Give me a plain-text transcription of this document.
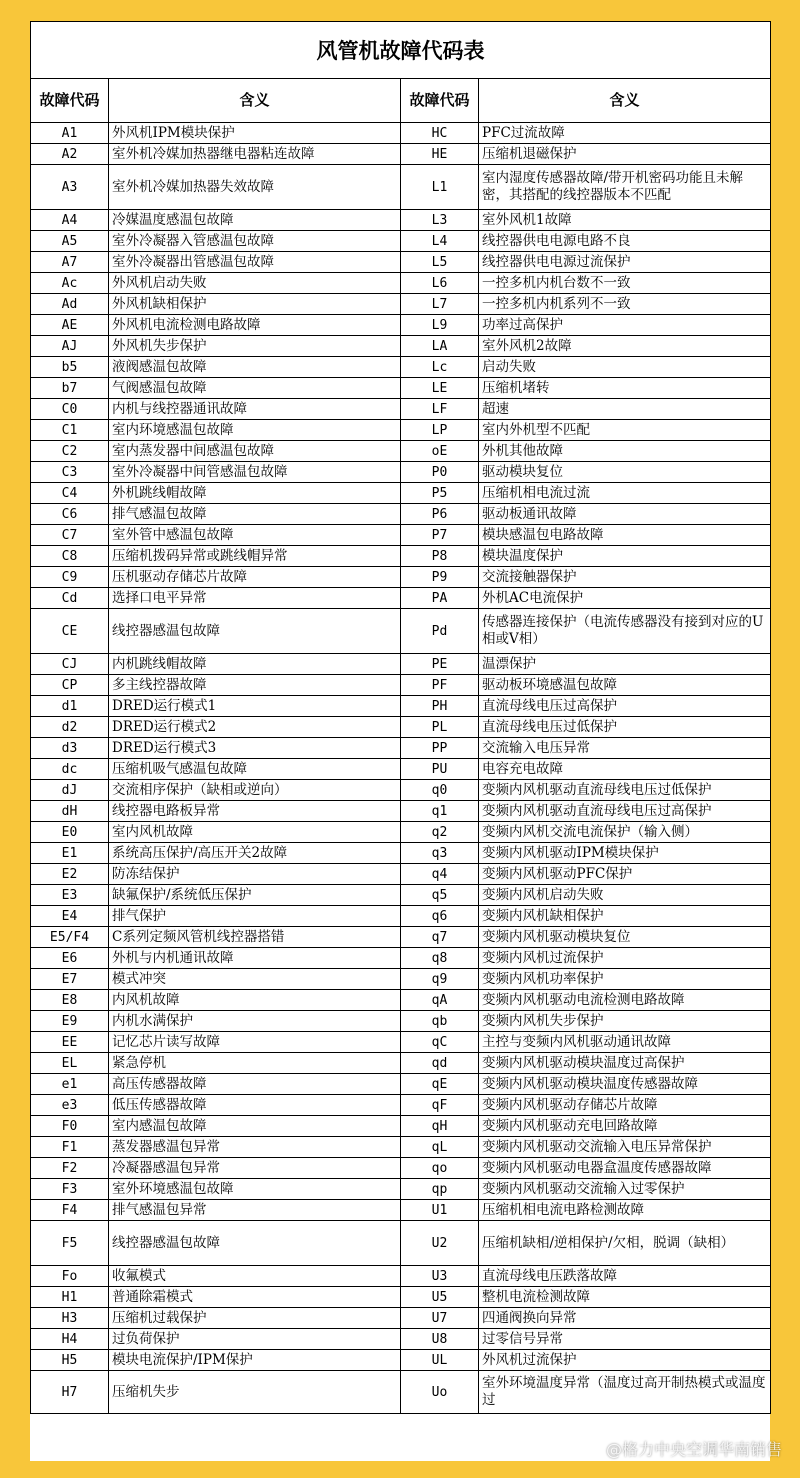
风管机故障代码表			
故障代码	含义	故障代码	含义
A1	外风机IPM模块保护	HC	PFC过流故障
A2	室外机冷媒加热器继电器粘连故障	HE	压缩机退磁保护
A3	室外机冷媒加热器失效故障	L1	室内湿度传感器故障/带开机密码功能且未解密，其搭配的线控器版本不匹配
A4	冷媒温度感温包故障	L3	室外风机1故障
A5	室外冷凝器入管感温包故障	L4	线控器供电电源电路不良
A7	室外冷凝器出管感温包故障	L5	线控器供电电源过流保护
Ac	外风机启动失败	L6	一控多机内机台数不一致
Ad	外风机缺相保护	L7	一控多机内机系列不一致
AE	外风机电流检测电路故障	L9	功率过高保护
AJ	外风机失步保护	LA	室外风机2故障
b5	液阀感温包故障	Lc	启动失败
b7	气阀感温包故障	LE	压缩机堵转
C0	内机与线控器通讯故障	LF	超速
C1	室内环境感温包故障	LP	室内外机型不匹配
C2	室内蒸发器中间感温包故障	oE	外机其他故障
C3	室外冷凝器中间管感温包故障	P0	驱动模块复位
C4	外机跳线帽故障	P5	压缩机相电流过流
C6	排气感温包故障	P6	驱动板通讯故障
C7	室外管中感温包故障	P7	模块感温包电路故障
C8	压缩机拨码异常或跳线帽异常	P8	模块温度保护
C9	压机驱动存储芯片故障	P9	交流接触器保护
Cd	选择口电平异常	PA	外机AC电流保护
CE	线控器感温包故障	Pd	传感器连接保护（电流传感器没有接到对应的U相或V相）
CJ	内机跳线帽故障	PE	温漂保护
CP	多主线控器故障	PF	驱动板环境感温包故障
d1	DRED运行模式1	PH	直流母线电压过高保护
d2	DRED运行模式2	PL	直流母线电压过低保护
d3	DRED运行模式3	PP	交流输入电压异常
dc	压缩机吸气感温包故障	PU	电容充电故障
dJ	交流相序保护（缺相或逆向）	q0	变频内风机驱动直流母线电压过低保护
dH	线控器电路板异常	q1	变频内风机驱动直流母线电压过高保护
E0	室内风机故障	q2	变频内风机交流电流保护（输入侧）
E1	系统高压保护/高压开关2故障	q3	变频内风机驱动IPM模块保护
E2	防冻结保护	q4	变频内风机驱动PFC保护
E3	缺氟保护/系统低压保护	q5	变频内风机启动失败
E4	排气保护	q6	变频内风机缺相保护
E5/F4	C系列定频风管机线控器搭错	q7	变频内风机驱动模块复位
E6	外机与内机通讯故障	q8	变频内风机过流保护
E7	模式冲突	q9	变频内风机功率保护
E8	内风机故障	qA	变频内风机驱动电流检测电路故障
E9	内机水满保护	qb	变频内风机失步保护
EE	记忆芯片读写故障	qC	主控与变频内风机驱动通讯故障
EL	紧急停机	qd	变频内风机驱动模块温度过高保护
e1	高压传感器故障	qE	变频内风机驱动模块温度传感器故障
e3	低压传感器故障	qF	变频内风机驱动存储芯片故障
F0	室内感温包故障	qH	变频内风机驱动充电回路故障
F1	蒸发器感温包异常	qL	变频内风机驱动交流输入电压异常保护
F2	冷凝器感温包异常	qo	变频内风机驱动电器盒温度传感器故障
F3	室外环境感温包故障	qp	变频内风机驱动交流输入过零保护
F4	排气感温包异常	U1	压缩机相电流电路检测故障
F5	线控器感温包故障	U2	压缩机缺相/逆相保护/欠相，脱调（缺相）
Fo	收氟模式	U3	直流母线电压跌落故障
H1	普通除霜模式	U5	整机电流检测故障
H3	压缩机过载保护	U7	四通阀换向异常
H4	过负荷保护	U8	过零信号异常
H5	模块电流保护/IPM保护	UL	外风机过流保护
H7	压缩机失步	Uo	室外环境温度异常（温度过高开制热模式或温度过
@格力中央空调华南销售
